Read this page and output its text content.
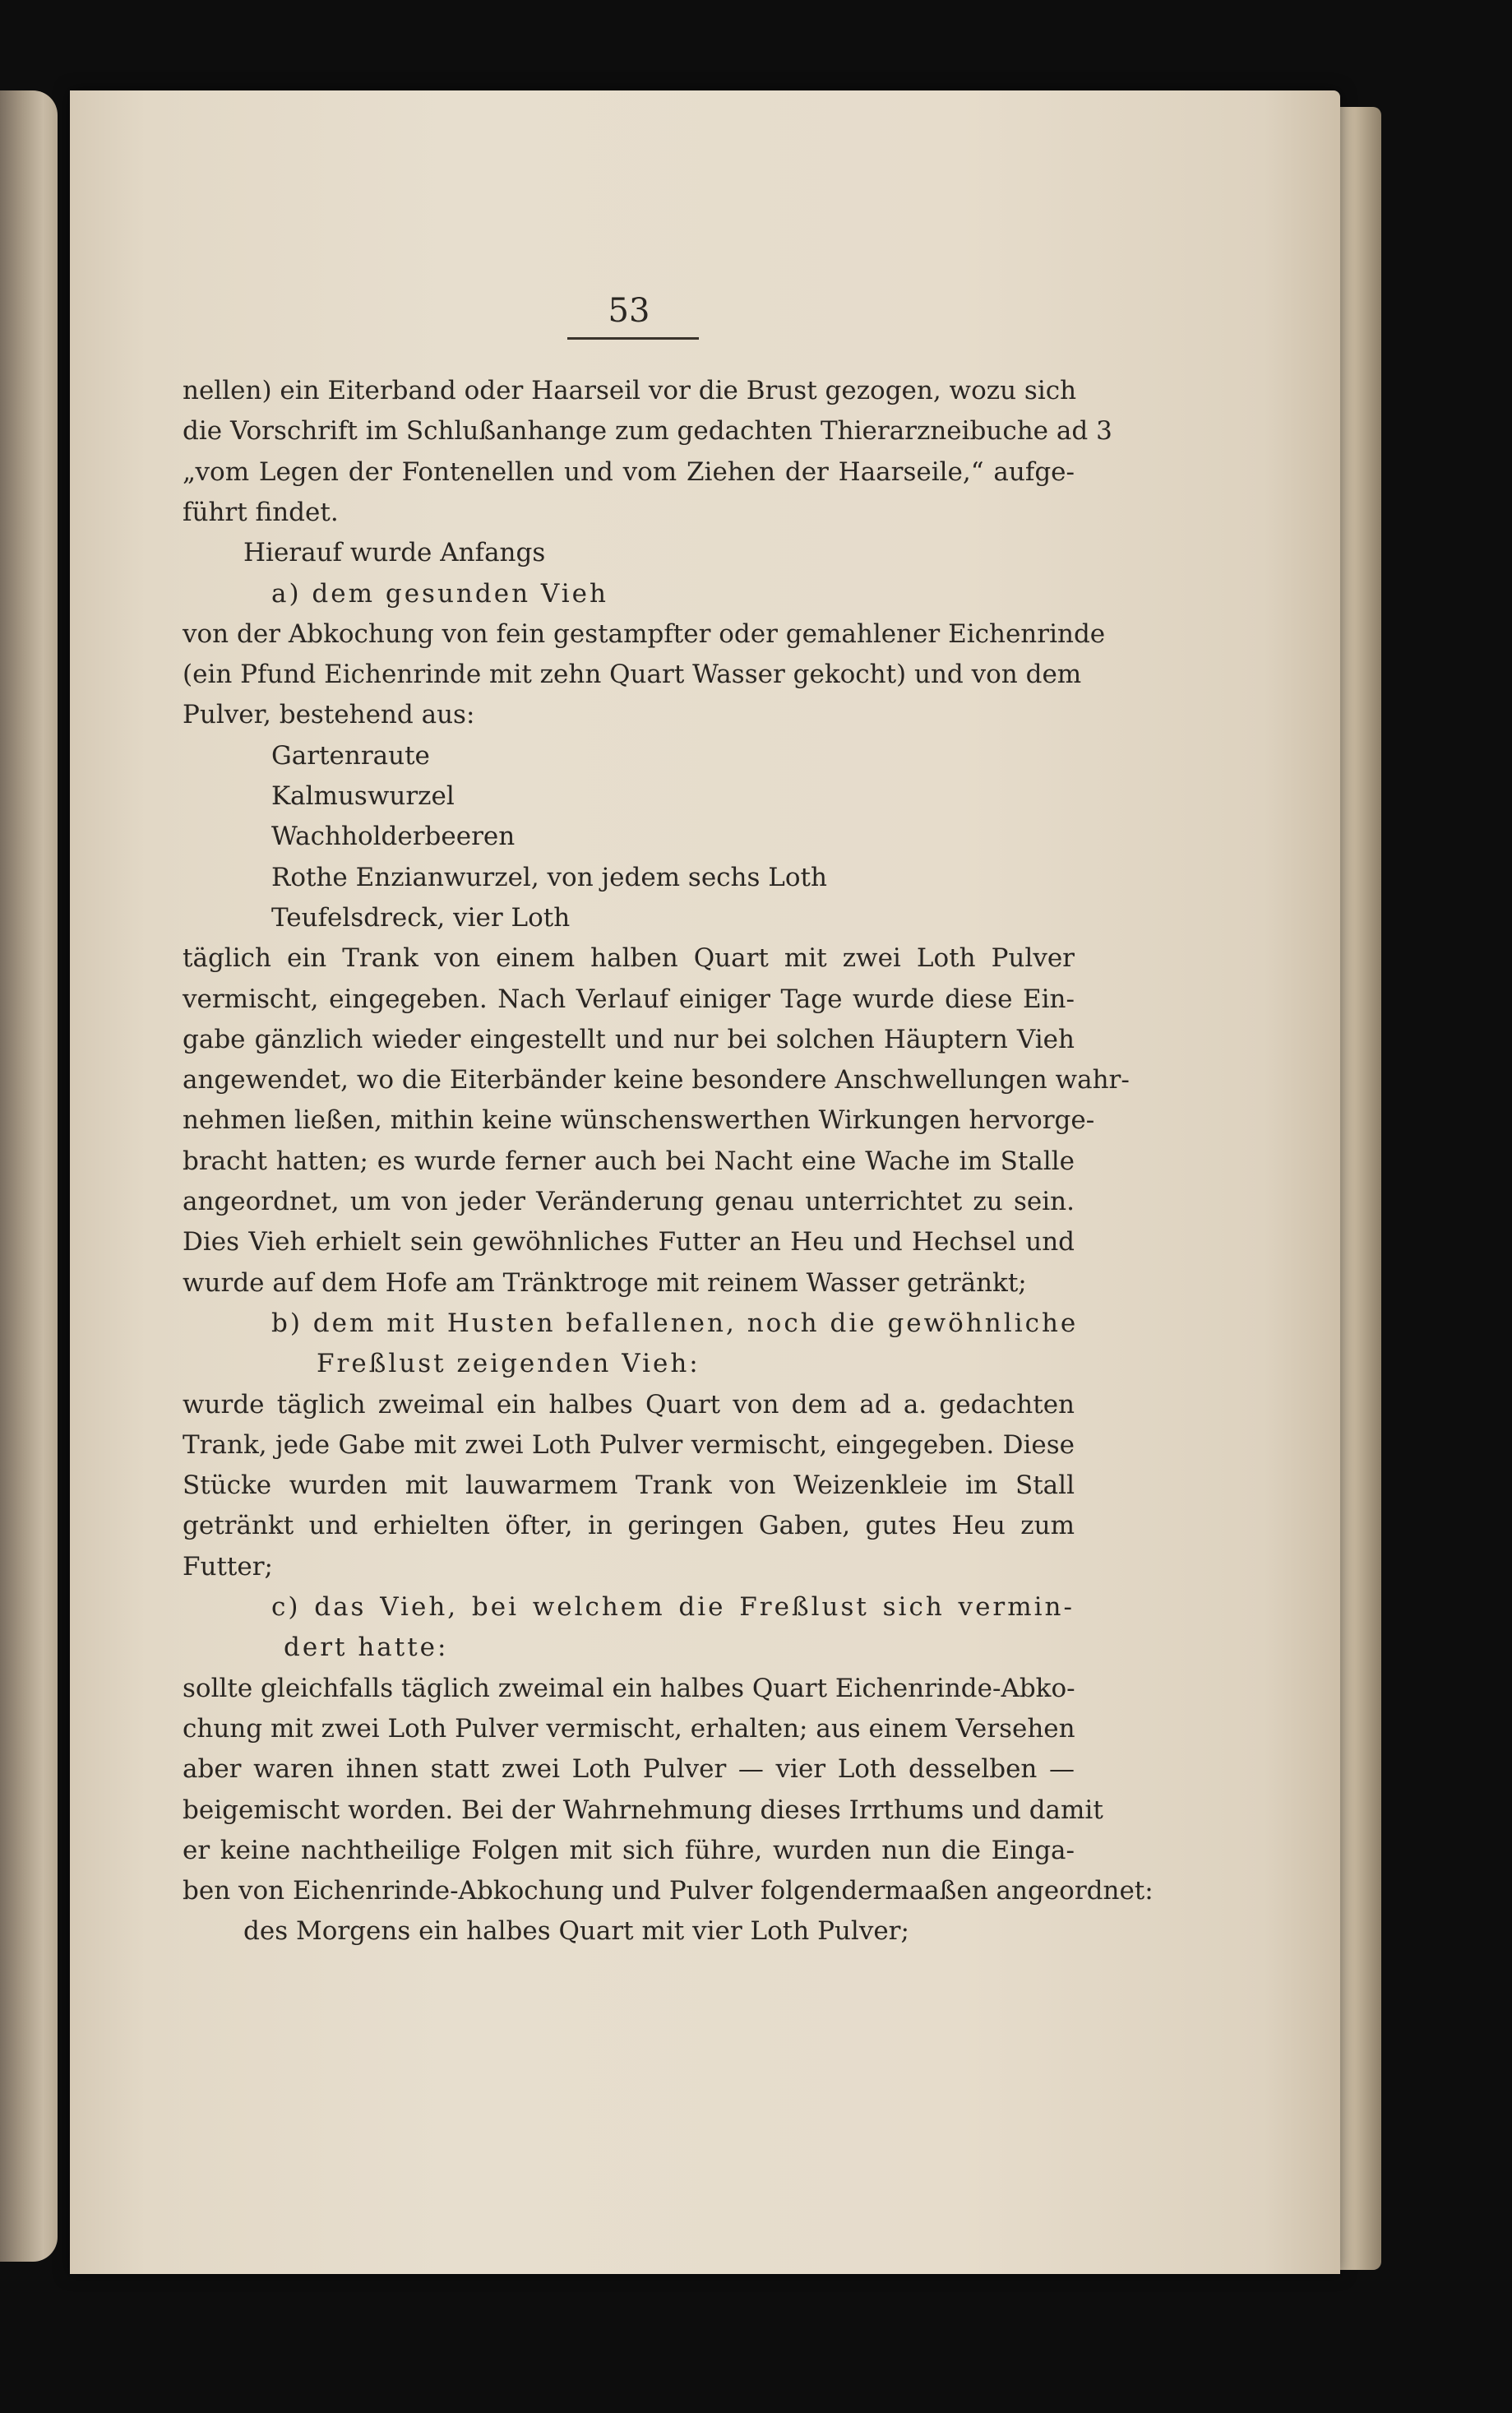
53
nellen) ein Eiterband oder Haarseil vor die Brust gezogen, wozu sich
die Vorschrift im Schlußanhange zum gedachten Thierarzneibuche ad 3
„vom Legen der Fontenellen und vom Ziehen der Haarseile,“ aufge-
führt findet.
Hierauf wurde Anfangs
a) dem gesunden Vieh
von der Abkochung von fein gestampfter oder gemahlener Eichenrinde
(ein Pfund Eichenrinde mit zehn Quart Wasser gekocht) und von dem
Pulver, bestehend aus:
Gartenraute
Kalmuswurzel
Wachholderbeeren
Rothe Enzianwurzel, von jedem sechs Loth
Teufelsdreck, vier Loth
täglich ein Trank von einem halben Quart mit zwei Loth Pulver
vermischt, eingegeben. Nach Verlauf einiger Tage wurde diese Ein-
gabe gänzlich wieder eingestellt und nur bei solchen Häuptern Vieh
angewendet, wo die Eiterbänder keine besondere Anschwellungen wahr-
nehmen ließen, mithin keine wünschenswerthen Wirkungen hervorge-
bracht hatten; es wurde ferner auch bei Nacht eine Wache im Stalle
angeordnet, um von jeder Veränderung genau unterrichtet zu sein.
Dies Vieh erhielt sein gewöhnliches Futter an Heu und Hechsel und
wurde auf dem Hofe am Tränktroge mit reinem Wasser getränkt;
b) dem mit Husten befallenen, noch die gewöhnliche
Freßlust zeigenden Vieh:
wurde täglich zweimal ein halbes Quart von dem ad a. gedachten
Trank, jede Gabe mit zwei Loth Pulver vermischt, eingegeben. Diese
Stücke wurden mit lauwarmem Trank von Weizenkleie im Stall
getränkt und erhielten öfter, in geringen Gaben, gutes Heu zum
Futter;
c) das Vieh, bei welchem die Freßlust sich vermin-
dert hatte:
sollte gleichfalls täglich zweimal ein halbes Quart Eichenrinde-Abko-
chung mit zwei Loth Pulver vermischt, erhalten; aus einem Versehen
aber waren ihnen statt zwei Loth Pulver — vier Loth desselben —
beigemischt worden. Bei der Wahrnehmung dieses Irrthums und damit
er keine nachtheilige Folgen mit sich führe, wurden nun die Einga-
ben von Eichenrinde-Abkochung und Pulver folgendermaaßen angeordnet:
des Morgens ein halbes Quart mit vier Loth Pulver;
